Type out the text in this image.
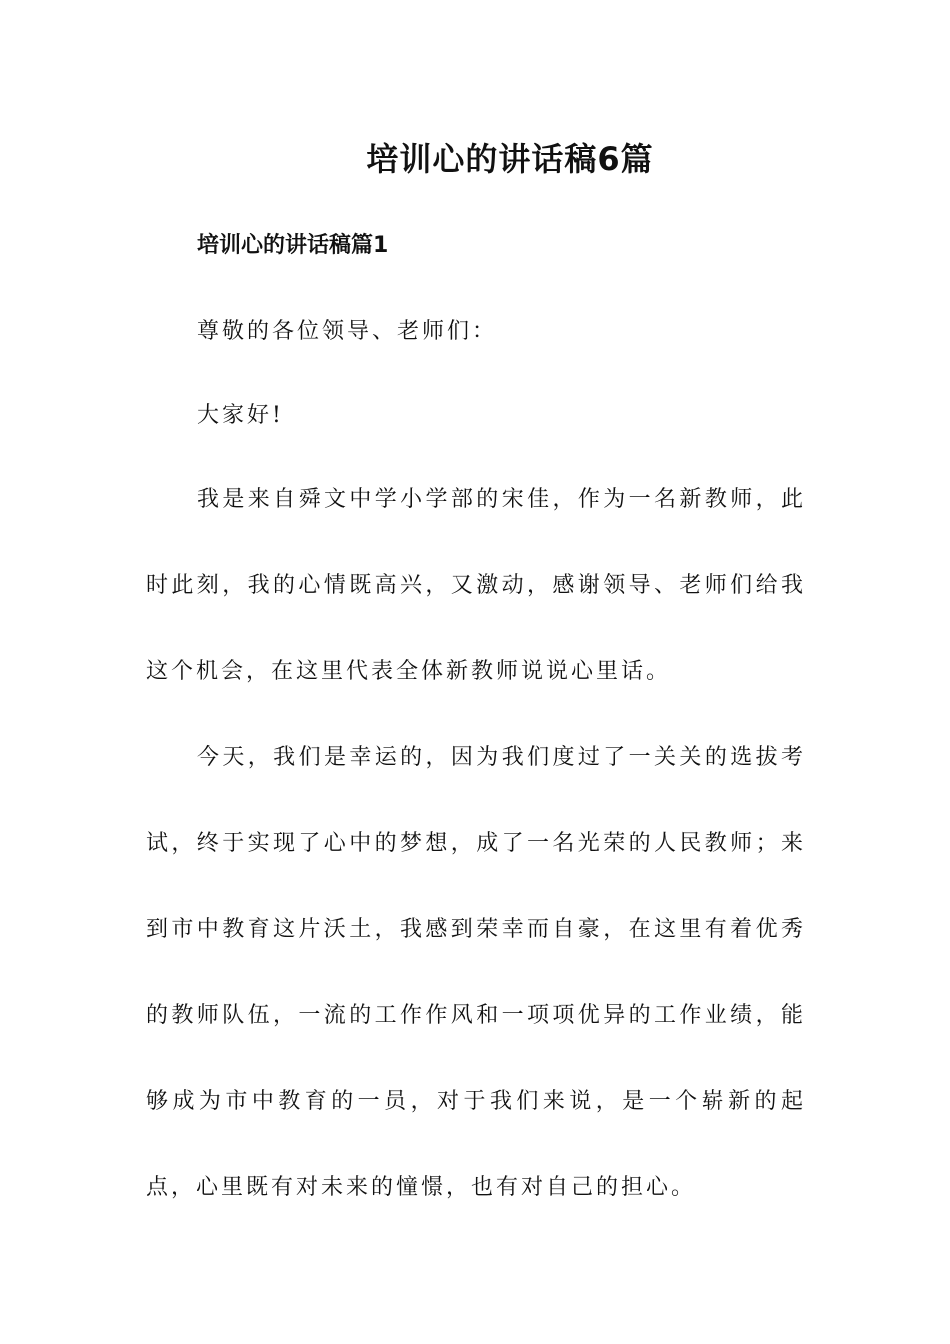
培训心的讲话稿6篇
培训心的讲话稿篇1

尊敬的各位领导、老师们：

大家好!

我是来自舜文中学小学部的宋佳，作为一名新教师，此时此刻，我的心情既高兴，又激动，感谢领导、老师们给我这个机会，在这里代表全体新教师说说心里话。

今天，我们是幸运的，因为我们度过了一关关的选拔考试，终于实现了心中的梦想，成了一名光荣的人民教师；来到市中教育这片沃土，我感到荣幸而自豪，在这里有着优秀的教师队伍，一流的工作作风和一项项优异的工作业绩，能够成为市中教育的一员，对于我们来说，是一个崭新的起点，心里既有对未来的憧憬，也有对自己的担心。
